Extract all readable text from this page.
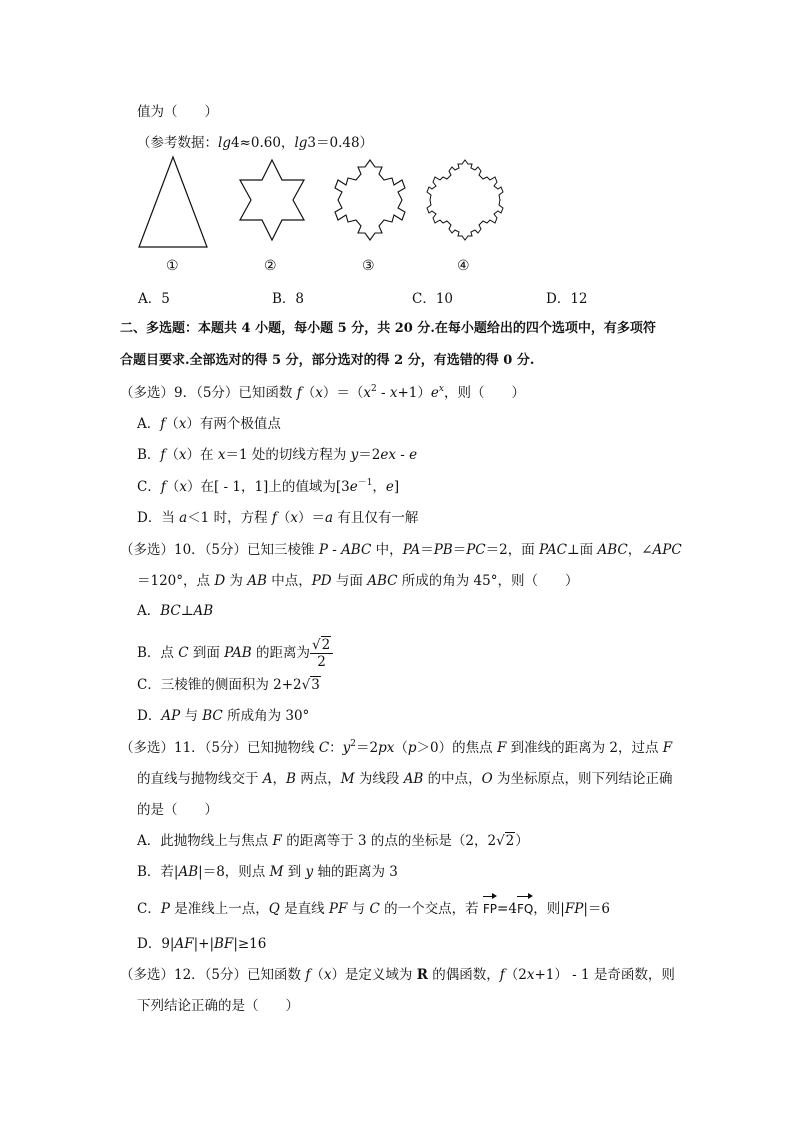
值为（　　）
（参考数据：lg4≈0.60，lg3＝0.48）
①	②	③	④
A．5	B．8	C．10	D．12
二、多选题：本题共 4 小题，每小题 5 分，共 20 分.在每小题给出的四个选项中，有多项符
合题目要求.全部选对的得 5 分，部分选对的得 2 分，有选错的得 0 分.
（多选）9．（5分）已知函数 $f(x)=(x^2 - x+1)e^x$，则（　　）
A．f（x）有两个极值点
B．f（x）在 x＝1 处的切线方程为 y＝2ex - e
C．f（x）在[ - 1，1]上的值域为[$3e^{-1}$，e]
D．当 a＜1 时，方程 f（x）＝a 有且仅有一解
（多选）10．（5分）已知三棱锥 P - ABC 中，PA＝PB＝PC＝2，面 PAC⊥面 ABC，∠APC
＝120°，点 D 为 AB 中点，PD 与面 ABC 所成的角为 45°，则（　　）
A．BC⊥AB
B．点 C 到面 PAB 的距离为 $\frac{√2}{2}$
C．三棱锥的侧面积为 2+2√3
D．AP 与 BC 所成角为 30°
（多选）11．（5分）已知抛物线 C：$y^2=2px(p>0)$的焦点 F 到准线的距离为 2，过点 F
的直线与抛物线交于 A，B 两点，M 为线段 AB 的中点，O 为坐标原点，则下列结论正确
的是（　　）
A．此抛物线上与焦点 F 的距离等于 3 的点的坐标是（2，2√2）
B．若|AB|＝8，则点 M 到 y 轴的距离为 3
C．P 是准线上一点，Q 是直线 PF 与 C 的一个交点，若 FP=4FQ，则|FP|＝6
D．9|AF|+|BF|≥16
（多选）12．（5分）已知函数 f（x）是定义域为 R 的偶函数，f（2x+1） - 1 是奇函数，则
下列结论正确的是（　　）
